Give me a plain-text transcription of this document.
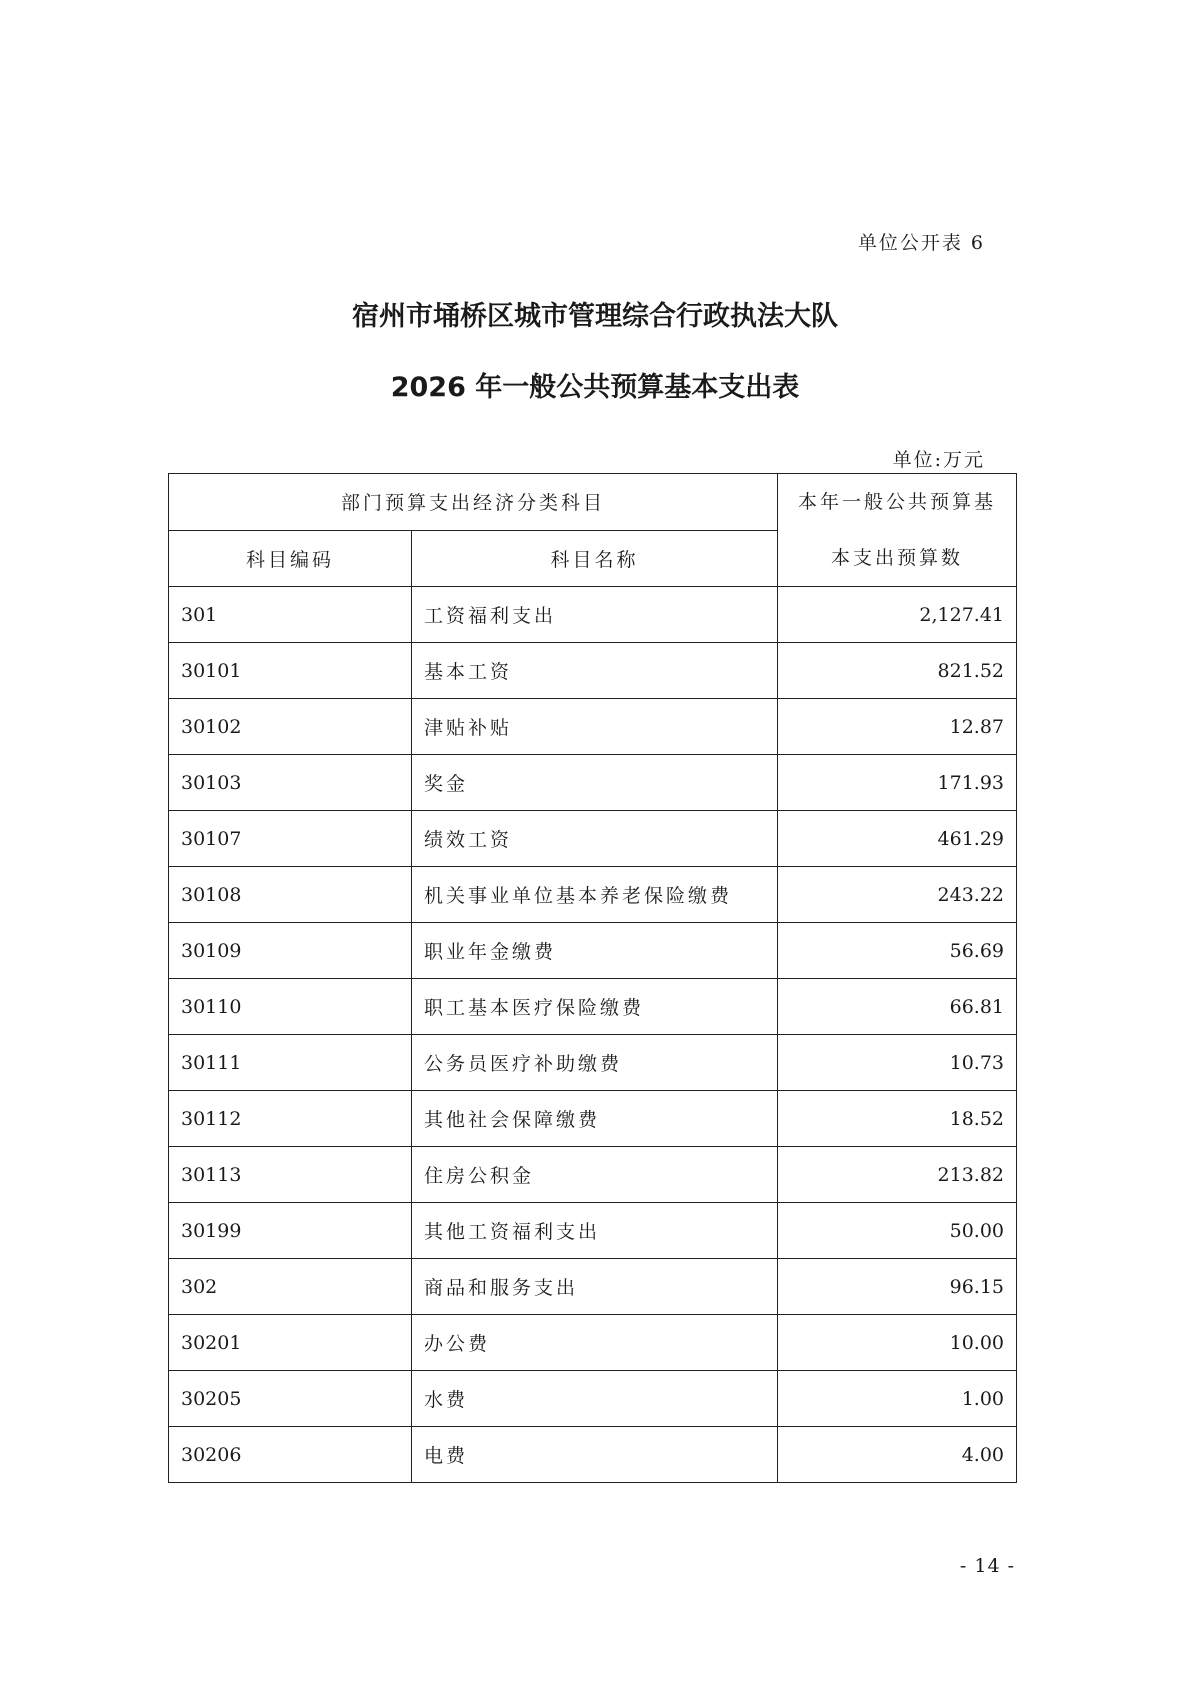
单位公开表 6
宿州市埇桥区城市管理综合行政执法大队
2026 年一般公共预算基本支出表
单位:万元
部门预算支出经济分类科目		本年一般公共预算基
本支出预算数

科目编码	科目名称	
301	工资福利支出	2,127.41
30101	基本工资	821.52
30102	津贴补贴	12.87
30103	奖金	171.93
30107	绩效工资	461.29
30108	机关事业单位基本养老保险缴费	243.22
30109	职业年金缴费	56.69
30110	职工基本医疗保险缴费	66.81
30111	公务员医疗补助缴费	10.73
30112	其他社会保障缴费	18.52
30113	住房公积金	213.82
30199	其他工资福利支出	50.00
302	商品和服务支出	96.15
30201	办公费	10.00
30205	水费	1.00
30206	电费	4.00
- 14 -
